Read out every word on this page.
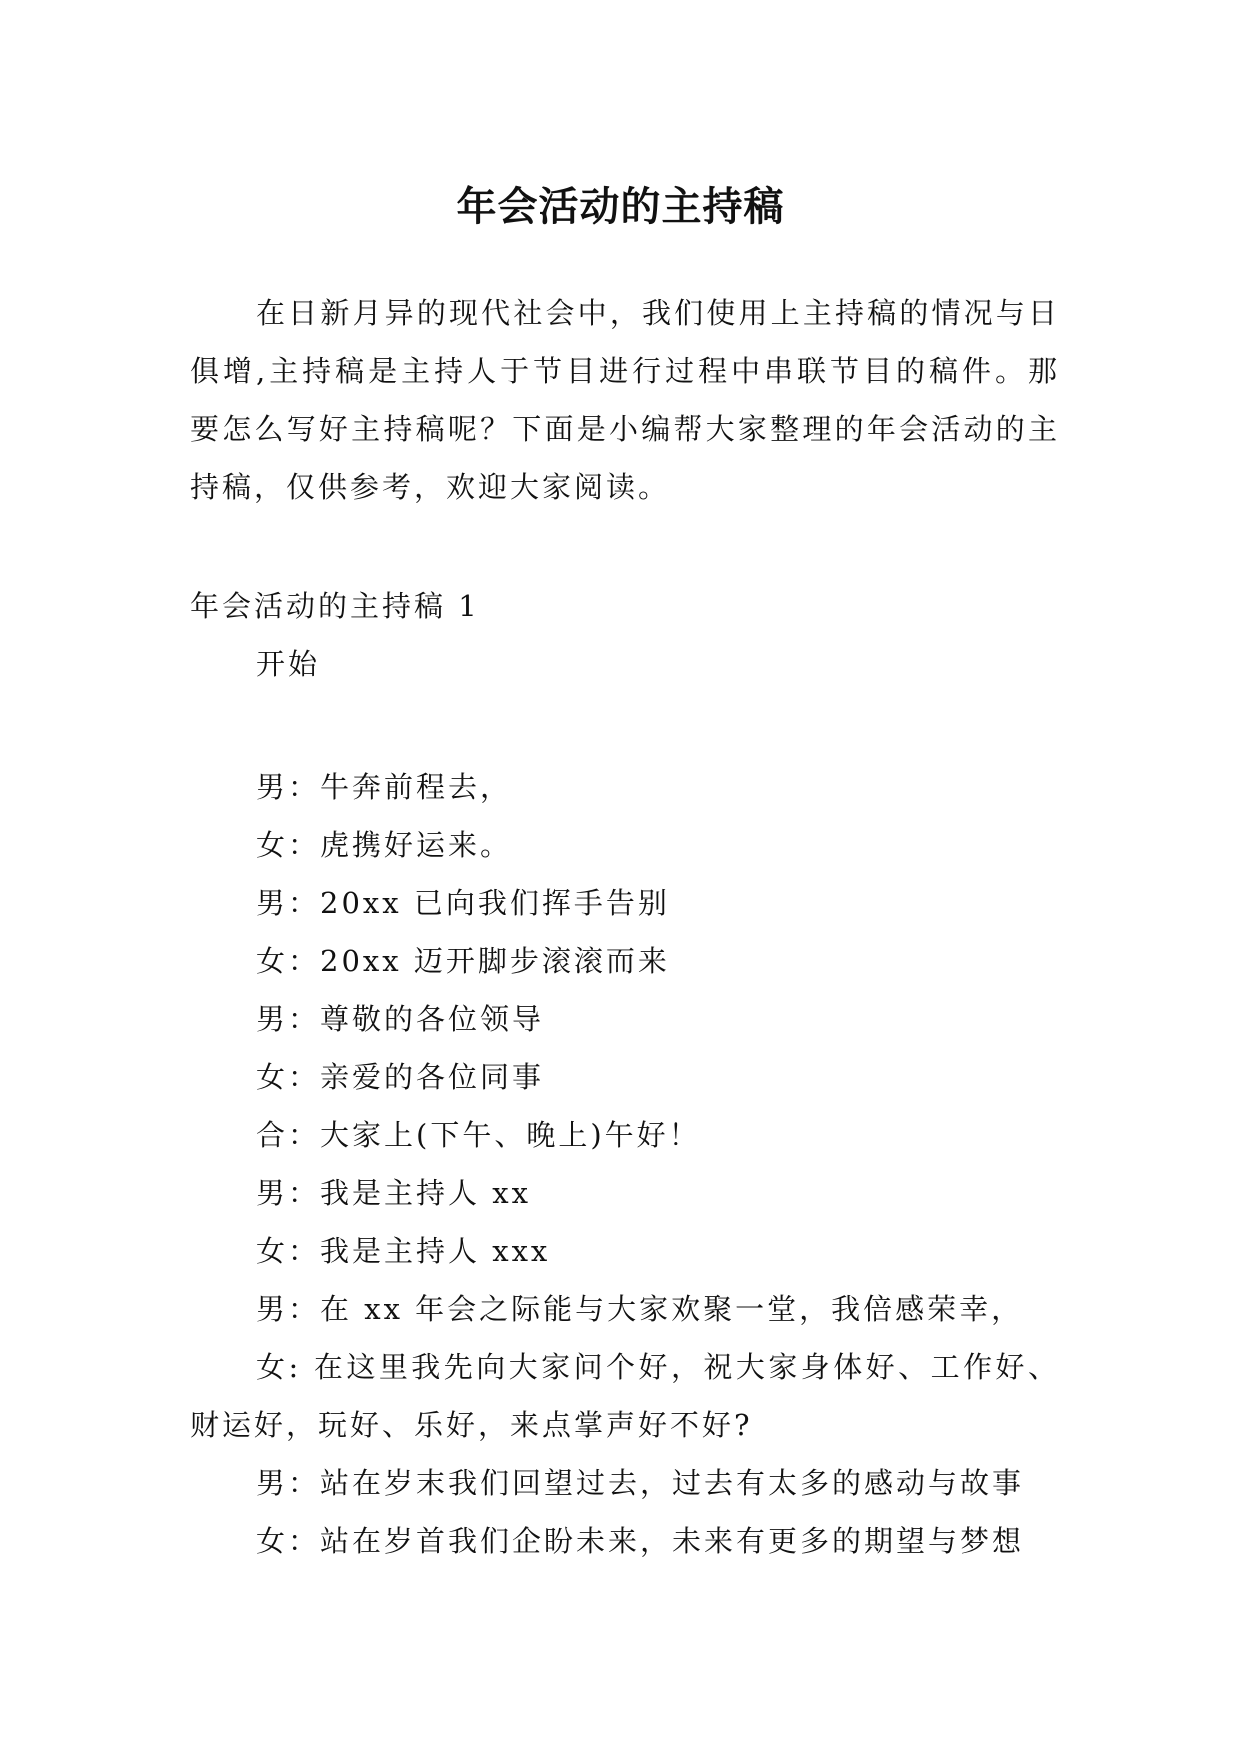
年会活动的主持稿

在日新月异的现代社会中，我们使用上主持稿的情况与日俱增,主持稿是主持人于节目进行过程中串联节目的稿件。那要怎么写好主持稿呢？下面是小编帮大家整理的年会活动的主持稿，仅供参考，欢迎大家阅读。

年会活动的主持稿 1

开始

男：牛奔前程去，

女：虎携好运来。

男：20xx 已向我们挥手告别

女：20xx 迈开脚步滚滚而来

男：尊敬的各位领导

女：亲爱的各位同事

合：大家上(下午、晚上)午好！

男：我是主持人 xx

女：我是主持人 xxx

男：在 xx 年会之际能与大家欢聚一堂，我倍感荣幸，

女: 在这里我先向大家问个好，祝大家身体好、工作好、财运好，玩好、乐好，来点掌声好不好?

男：站在岁末我们回望过去，过去有太多的感动与故事

女：站在岁首我们企盼未来，未来有更多的期望与梦想
